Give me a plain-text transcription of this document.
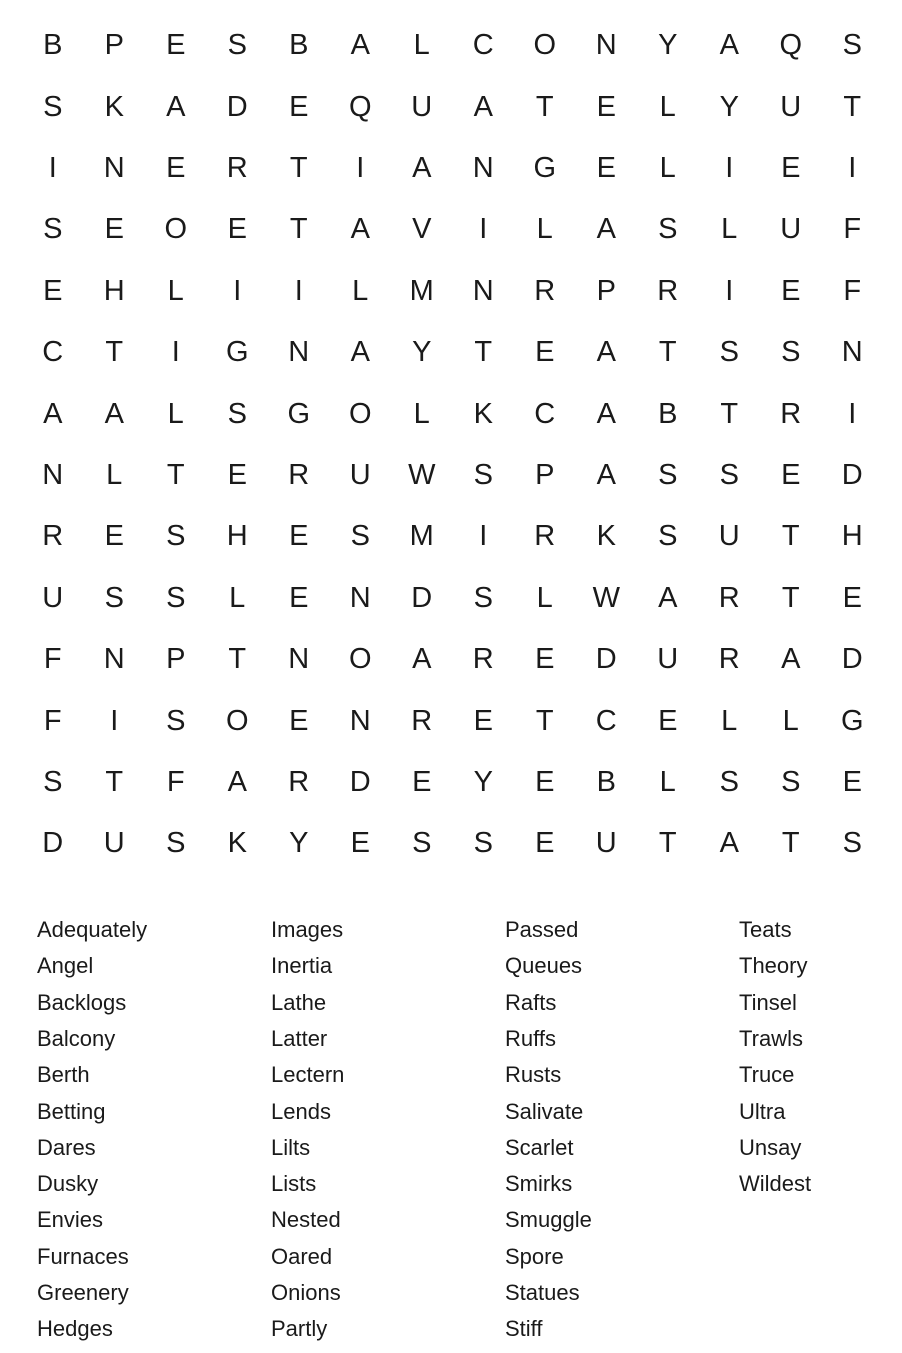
B	P	E	S	B	A	L	C	O	N	Y	A	Q	S
S	K	A	D	E	Q	U	A	T	E	L	Y	U	T
I	N	E	R	T	I	A	N	G	E	L	I	E	I
S	E	O	E	T	A	V	I	L	A	S	L	U	F
E	H	L	I	I	L	M	N	R	P	R	I	E	F
C	T	I	G	N	A	Y	T	E	A	T	S	S	N
A	A	L	S	G	O	L	K	C	A	B	T	R	I
N	L	T	E	R	U	W	S	P	A	S	S	E	D
R	E	S	H	E	S	M	I	R	K	S	U	T	H
U	S	S	L	E	N	D	S	L	W	A	R	T	E
F	N	P	T	N	O	A	R	E	D	U	R	A	D
F	I	S	O	E	N	R	E	T	C	E	L	L	G
S	T	F	A	R	D	E	Y	E	B	L	S	S	E
D	U	S	K	Y	E	S	S	E	U	T	A	T	S
Adequately
Angel
Backlogs
Balcony
Berth
Betting
Dares
Dusky
Envies
Furnaces
Greenery
Hedges
Images
Inertia
Lathe
Latter
Lectern
Lends
Lilts
Lists
Nested
Oared
Onions
Partly
Passed
Queues
Rafts
Ruffs
Rusts
Salivate
Scarlet
Smirks
Smuggle
Spore
Statues
Stiff
Teats
Theory
Tinsel
Trawls
Truce
Ultra
Unsay
Wildest
